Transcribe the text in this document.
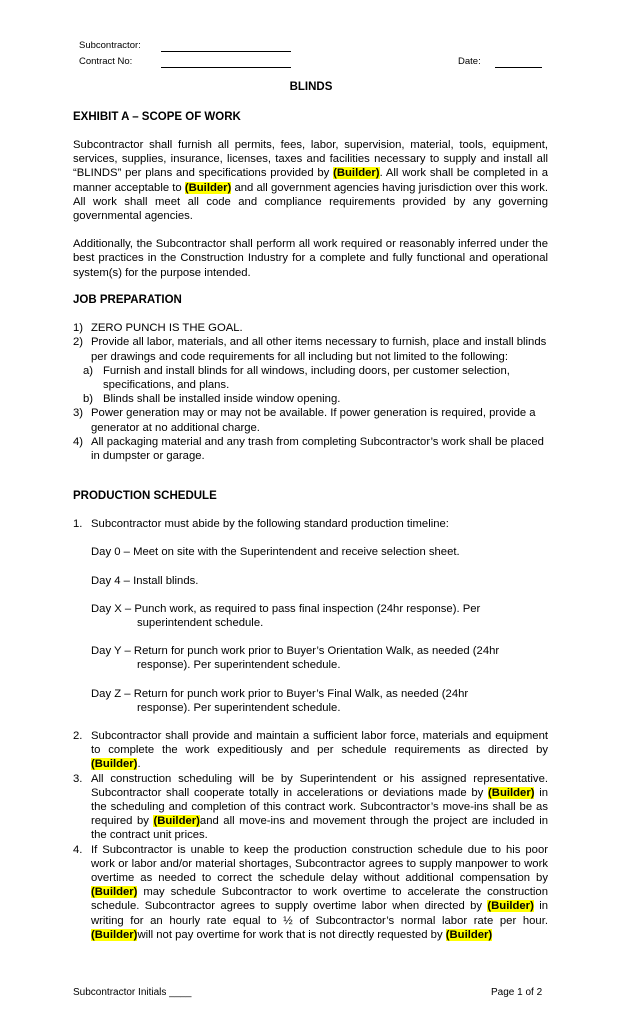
Subcontractor:
Contract No:	Date:
BLINDS

EXHIBIT A – SCOPE OF WORK

Subcontractor shall furnish all permits, fees, labor, supervision, material, tools, equipment, services, supplies, insurance, licenses, taxes and facilities necessary to supply and install all “BLINDS” per plans and specifications provided by (Builder). All work shall be completed in a manner acceptable to (Builder) and all government agencies having jurisdiction over this work. All work shall meet all code and compliance requirements provided by any governing governmental agencies.

Additionally, the Subcontractor shall perform all work required or reasonably inferred under the best practices in the Construction Industry for a complete and fully functional and operational system(s) for the purpose intended.

JOB PREPARATION

1) ZERO PUNCH IS THE GOAL.
2) Provide all labor, materials, and all other items necessary to furnish, place and install blinds per drawings and code requirements for all including but not limited to the following:
a) Furnish and install blinds for all windows, including doors, per customer selection, specifications, and plans.
b) Blinds shall be installed inside window opening.
3) Power generation may or may not be available. If power generation is required, provide a generator at no additional charge.
4) All packaging material and any trash from completing Subcontractor’s work shall be placed in dumpster or garage.

PRODUCTION SCHEDULE

1. Subcontractor must abide by the following standard production timeline:
Day 0 – Meet on site with the Superintendent and receive selection sheet.
Day 4 – Install blinds.
Day X – Punch work, as required to pass final inspection (24hr response). Per
superintendent schedule.
Day Y – Return for punch work prior to Buyer’s Orientation Walk, as needed (24hr
response). Per superintendent schedule.
Day Z – Return for punch work prior to Buyer’s Final Walk, as needed (24hr
response). Per superintendent schedule.
2. Subcontractor shall provide and maintain a sufficient labor force, materials and equipment to complete the work expeditiously and per schedule requirements as directed by (Builder).
3. All construction scheduling will be by Superintendent or his assigned representative. Subcontractor shall cooperate totally in accelerations or deviations made by (Builder) in the scheduling and completion of this contract work. Subcontractor’s move-ins shall be as required by (Builder)and all move-ins and movement through the project are included in the contract unit prices.
4. If Subcontractor is unable to keep the production construction schedule due to his poor work or labor and/or material shortages, Subcontractor agrees to supply manpower to work overtime as needed to correct the schedule delay without additional compensation by (Builder) may schedule Subcontractor to work overtime to accelerate the construction schedule. Subcontractor agrees to supply overtime labor when directed by (Builder) in writing for an hourly rate equal to ½ of Subcontractor’s normal labor rate per hour. (Builder)will not pay overtime for work that is not directly requested by (Builder)
Subcontractor Initials ____	Page 1 of 2
